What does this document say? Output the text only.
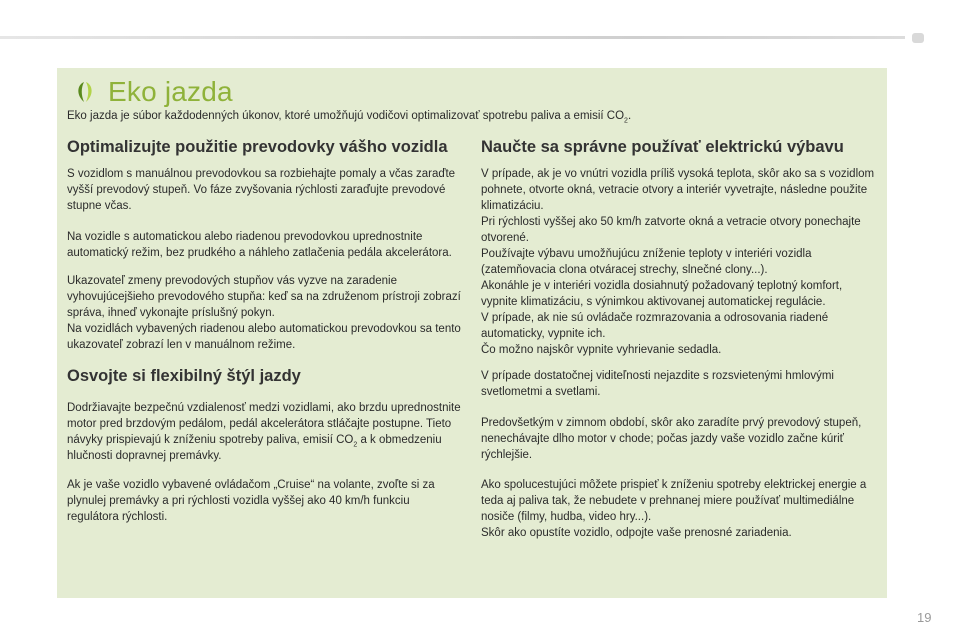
Eko jazda
Eko jazda je súbor každodenných úkonov, ktoré umožňujú vodičovi optimalizovať spotrebu paliva a emisií $CO_2$.
Optimalizujte použitie prevodovky vášho vozidla

S vozidlom s manuálnou prevodovkou sa rozbiehajte pomaly a včas zaraďte vyšší prevodový stupeň. Vo fáze zvyšovania rýchlosti zaraďujte prevodové stupne včas.

Na vozidle s automatickou alebo riadenou prevodovkou uprednostnite automatický režim, bez prudkého a náhleho zatlačenia pedála akcelerátora.

Ukazovateľ zmeny prevodových stupňov vás vyzve na zaradenie vyhovujúcejšieho prevodového stupňa: keď sa na združenom prístroji zobrazí správa, ihneď vykonajte príslušný pokyn.

Na vozidlách vybavených riadenou alebo automatickou prevodovkou sa tento ukazovateľ zobrazí len v manuálnom režime.

Osvojte si flexibilný štýl jazdy

Dodržiavajte bezpečnú vzdialenosť medzi vozidlami, ako brzdu uprednostnite motor pred brzdovým pedálom, pedál akcelerátora stláčajte postupne. Tieto návyky prispievajú k zníženiu spotreby paliva, emisií $CO_2$ a k obmedzeniu hlučnosti dopravnej premávky.

Ak je vaše vozidlo vybavené ovládačom „Cruise“ na volante, zvoľte si za plynulej premávky a pri rýchlosti vozidla vyššej ako 40 km/h funkciu regulátora rýchlosti.

Naučte sa správne používať elektrickú výbavu

V prípade, ak je vo vnútri vozidla príliš vysoká teplota, skôr ako sa s vozidlom pohnete, otvorte okná, vetracie otvory a interiér vyvetrajte, následne použite klimatizáciu.

Pri rýchlosti vyššej ako 50 km/h zatvorte okná a vetracie otvory ponechajte otvorené.

Používajte výbavu umožňujúcu zníženie teploty v interiéri vozidla (zatemňovacia clona otváracej strechy, slnečné clony...).

Akonáhle je v interiéri vozidla dosiahnutý požadovaný teplotný komfort, vypnite klimatizáciu, s výnimkou aktivovanej automatickej regulácie.

V prípade, ak nie sú ovládače rozmrazovania a odrosovania riadené automaticky, vypnite ich.

Čo možno najskôr vypnite vyhrievanie sedadla.

V prípade dostatočnej viditeľnosti nejazdite s rozsvietenými hmlovými svetlometmi a svetlami.

Predovšetkým v zimnom období, skôr ako zaradíte prvý prevodový stupeň, nenechávajte dlho motor v chode; počas jazdy vaše vozidlo začne kúriť rýchlejšie.

Ako spolucestujúci môžete prispieť k zníženiu spotreby elektrickej energie a teda aj paliva tak, že nebudete v prehnanej miere používať multimediálne nosiče (filmy, hudba, video hry...).

Skôr ako opustíte vozidlo, odpojte vaše prenosné zariadenia.

19
